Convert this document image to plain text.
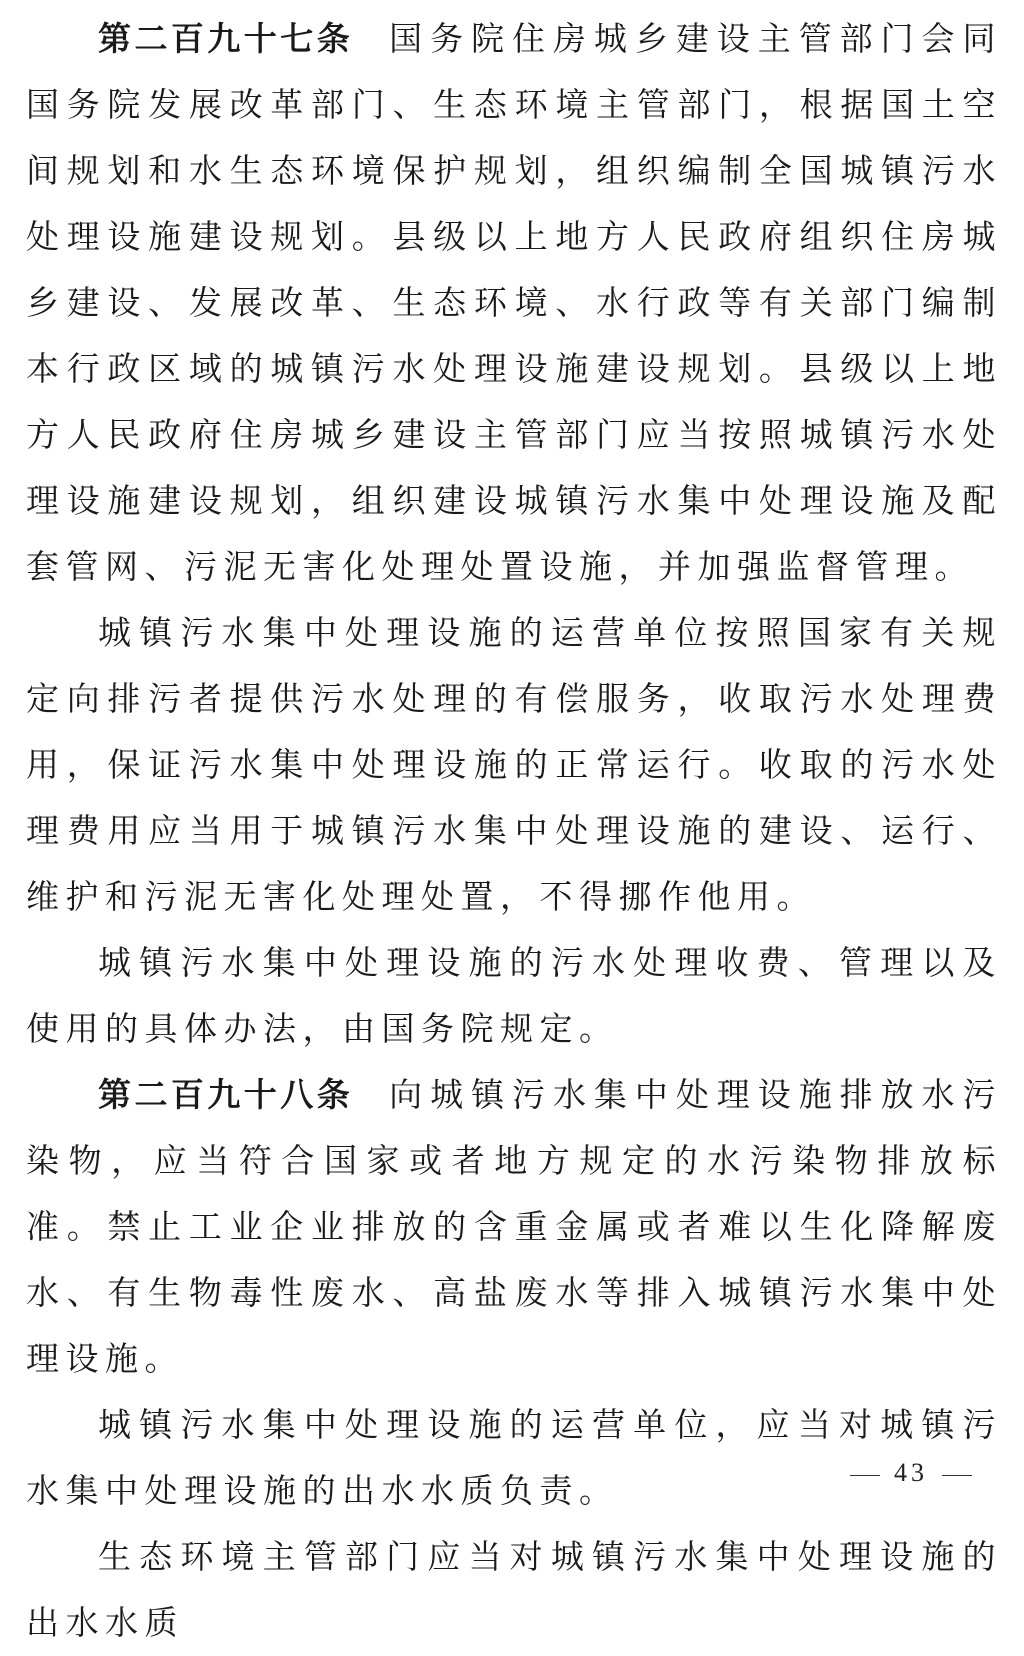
第二百九十七条 国务院住房城乡建设主管部门会同国务院发展改革部门、生态环境主管部门，根据国土空间规划和水生态环境保护规划，组织编制全国城镇污水处理设施建设规划。县级以上地方人民政府组织住房城乡建设、发展改革、生态环境、水行政等有关部门编制本行政区域的城镇污水处理设施建设规划。县级以上地方人民政府住房城乡建设主管部门应当按照城镇污水处理设施建设规划，组织建设城镇污水集中处理设施及配套管网、污泥无害化处理处置设施，并加强监督管理。

城镇污水集中处理设施的运营单位按照国家有关规定向排污者提供污水处理的有偿服务，收取污水处理费用，保证污水集中处理设施的正常运行。收取的污水处理费用应当用于城镇污水集中处理设施的建设、运行、维护和污泥无害化处理处置，不得挪作他用。

城镇污水集中处理设施的污水处理收费、管理以及使用的具体办法，由国务院规定。

第二百九十八条 向城镇污水集中处理设施排放水污染物，应当符合国家或者地方规定的水污染物排放标准。禁止工业企业排放的含重金属或者难以生化降解废水、有生物毒性废水、高盐废水等排入城镇污水集中处理设施。

城镇污水集中处理设施的运营单位，应当对城镇污水集中处理设施的出水水质负责。

生态环境主管部门应当对城镇污水集中处理设施的出水水质

43
